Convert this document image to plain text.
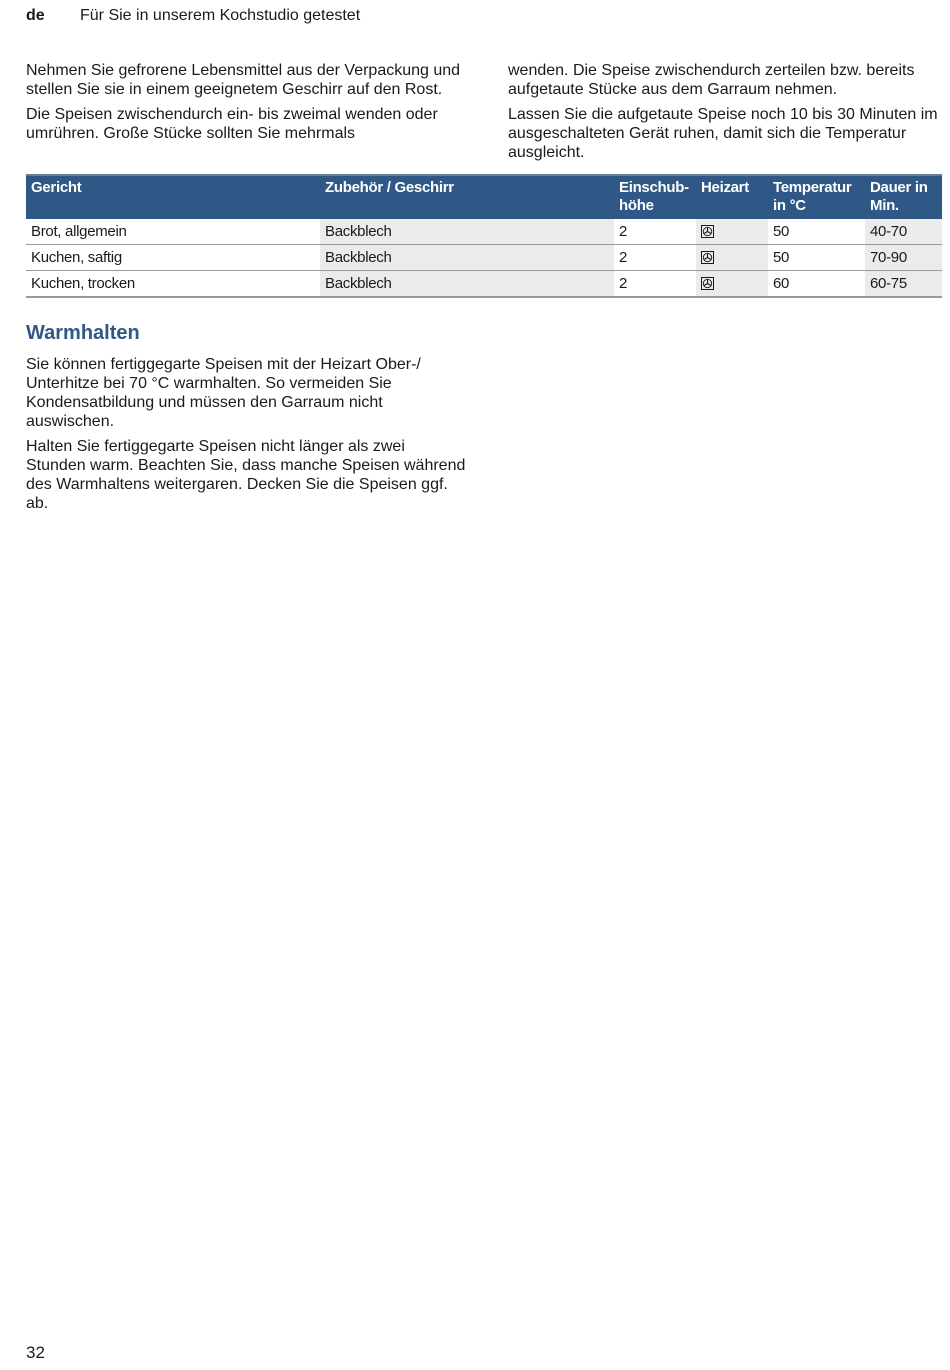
de Für Sie in unserem Kochstudio getestet

Nehmen Sie gefrorene Lebensmittel aus der Verpackung und stellen Sie sie in einem geeignetem Geschirr auf den Rost.

Die Speisen zwischendurch ein- bis zweimal wenden oder umrühren. Große Stücke sollten Sie mehrmals

wenden. Die Speise zwischendurch zerteilen bzw. bereits aufgetaute Stücke aus dem Garraum nehmen.

Lassen Sie die aufgetaute Speise noch 10 bis 30 Minuten im ausgeschalteten Gerät ruhen, damit sich die Temperatur ausgleicht.

Gericht	Zubehör / Geschirr	Einschub-höhe	Heizart	Temperatur in °C	Dauer in Min.
Brot, allgemein	Backblech	2		50	40-70
Kuchen, saftig	Backblech	2		50	70-90
Kuchen, trocken	Backblech	2		60	60-75
Warmhalten

Sie können fertiggegarte Speisen mit der Heizart Ober-/ Unterhitze bei 70 °C warmhalten. So vermeiden Sie Kondensatbildung und müssen den Garraum nicht auswischen.

Halten Sie fertiggegarte Speisen nicht länger als zwei Stunden warm. Beachten Sie, dass manche Speisen während des Warmhaltens weitergaren. Decken Sie die Speisen ggf. ab.

32
